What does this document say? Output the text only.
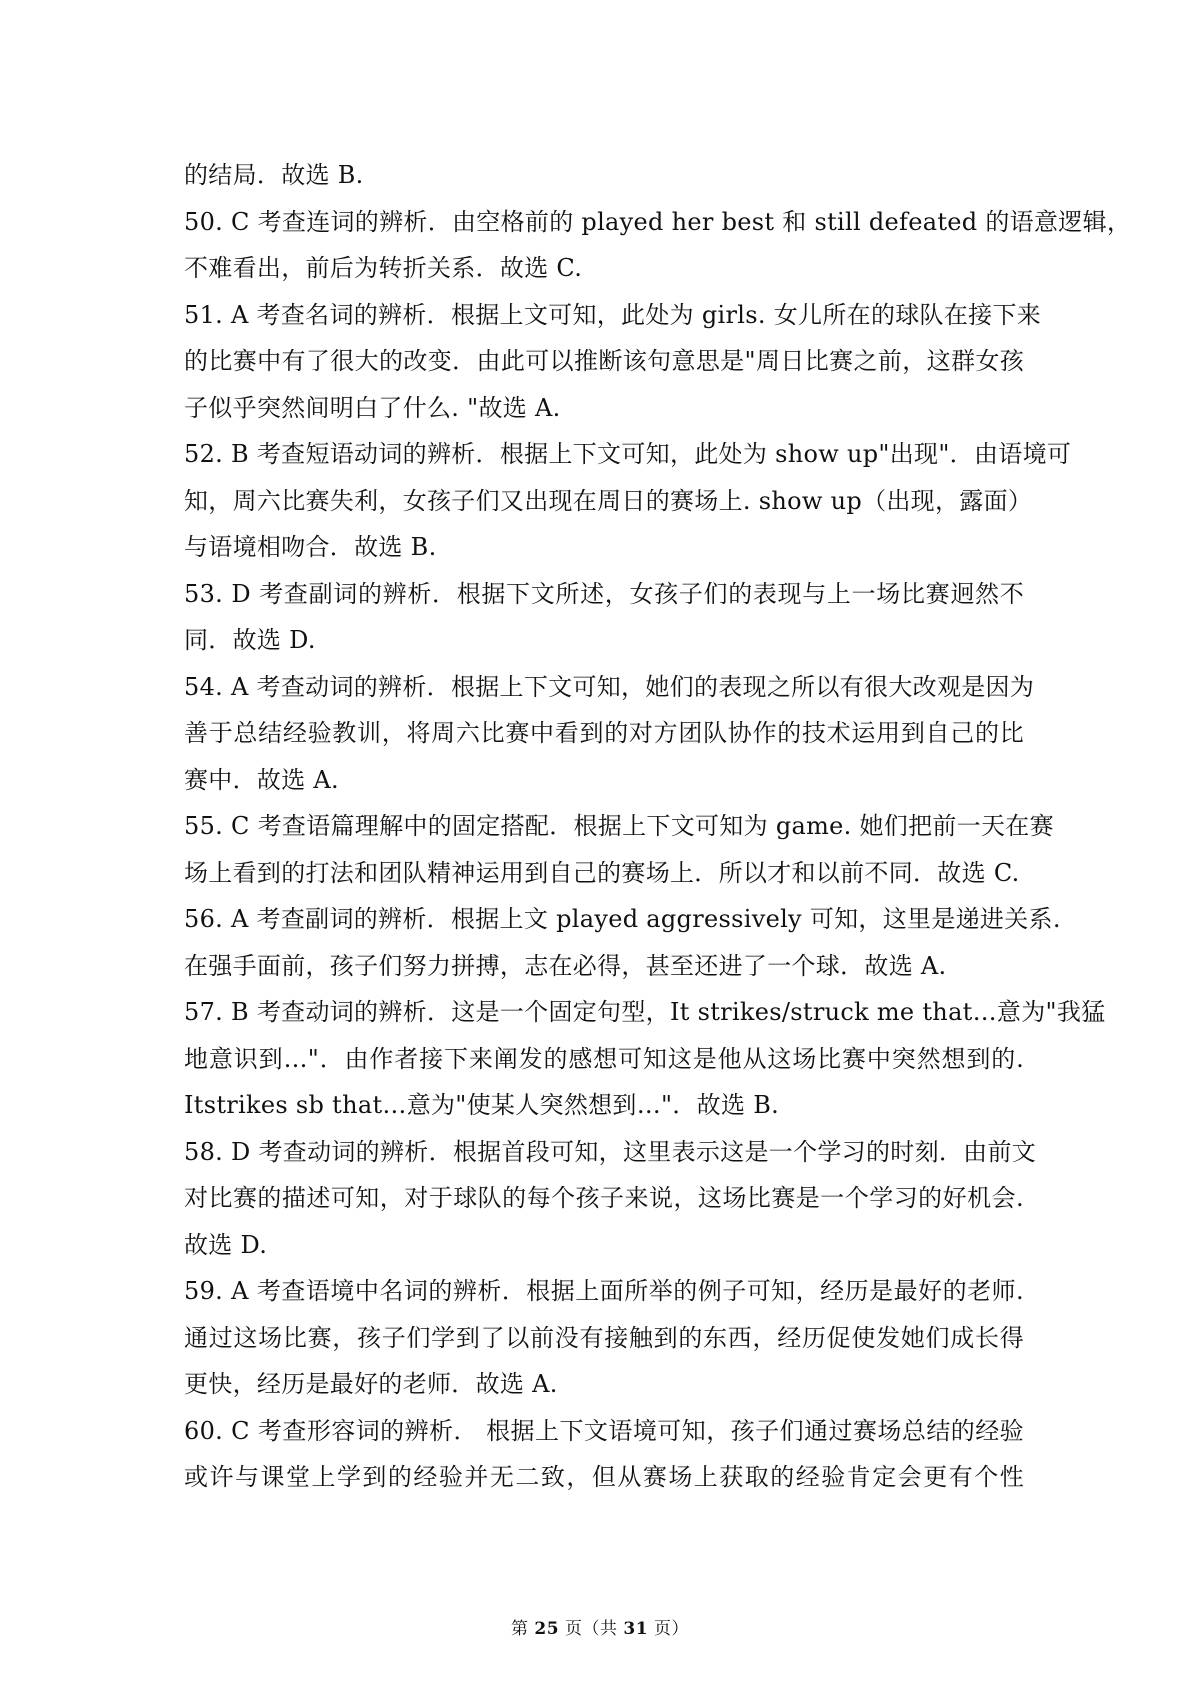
的结局．故选 B.
50. C 考查连词的辨析．由空格前的 played her best 和 still defeated 的语意逻辑，
不难看出，前后为转折关系．故选 C.
51. A 考查名词的辨析．根据上文可知，此处为 girls. 女儿所在的球队在接下来
的比赛中有了很大的改变．由此可以推断该句意思是"周日比赛之前，这群女孩
子似乎突然间明白了什么. "故选 A.
52. B 考查短语动词的辨析．根据上下文可知，此处为 show up"出现"．由语境可
知，周六比赛失利，女孩子们又出现在周日的赛场上. show up（出现，露面）
与语境相吻合．故选 B.
53. D 考查副词的辨析．根据下文所述，女孩子们的表现与上一场比赛迥然不
同．故选 D.
54. A 考查动词的辨析．根据上下文可知，她们的表现之所以有很大改观是因为
善于总结经验教训，将周六比赛中看到的对方团队协作的技术运用到自己的比
赛中．故选 A.
55. C 考查语篇理解中的固定搭配．根据上下文可知为 game. 她们把前一天在赛
场上看到的打法和团队精神运用到自己的赛场上．所以才和以前不同．故选 C.
56. A 考查副词的辨析．根据上文 played aggressively 可知，这里是递进关系.
在强手面前，孩子们努力拼搏，志在必得，甚至还进了一个球．故选 A.
57. B 考查动词的辨析．这是一个固定句型，It strikes/struck me that…意为"我猛
地意识到…"．由作者接下来阐发的感想可知这是他从这场比赛中突然想到的.
Itstrikes sb that…意为"使某人突然想到…"．故选 B.
58. D 考查动词的辨析．根据首段可知，这里表示这是一个学习的时刻．由前文
对比赛的描述可知，对于球队的每个孩子来说，这场比赛是一个学习的好机会.
故选 D.
59. A 考查语境中名词的辨析．根据上面所举的例子可知，经历是最好的老师.
通过这场比赛，孩子们学到了以前没有接触到的东西，经历促使发她们成长得
更快，经历是最好的老师．故选 A.
60. C 考查形容词的辨析． 根据上下文语境可知，孩子们通过赛场总结的经验
或许与课堂上学到的经验并无二致，但从赛场上获取的经验肯定会更有个性
第 25 页（共 31 页）
